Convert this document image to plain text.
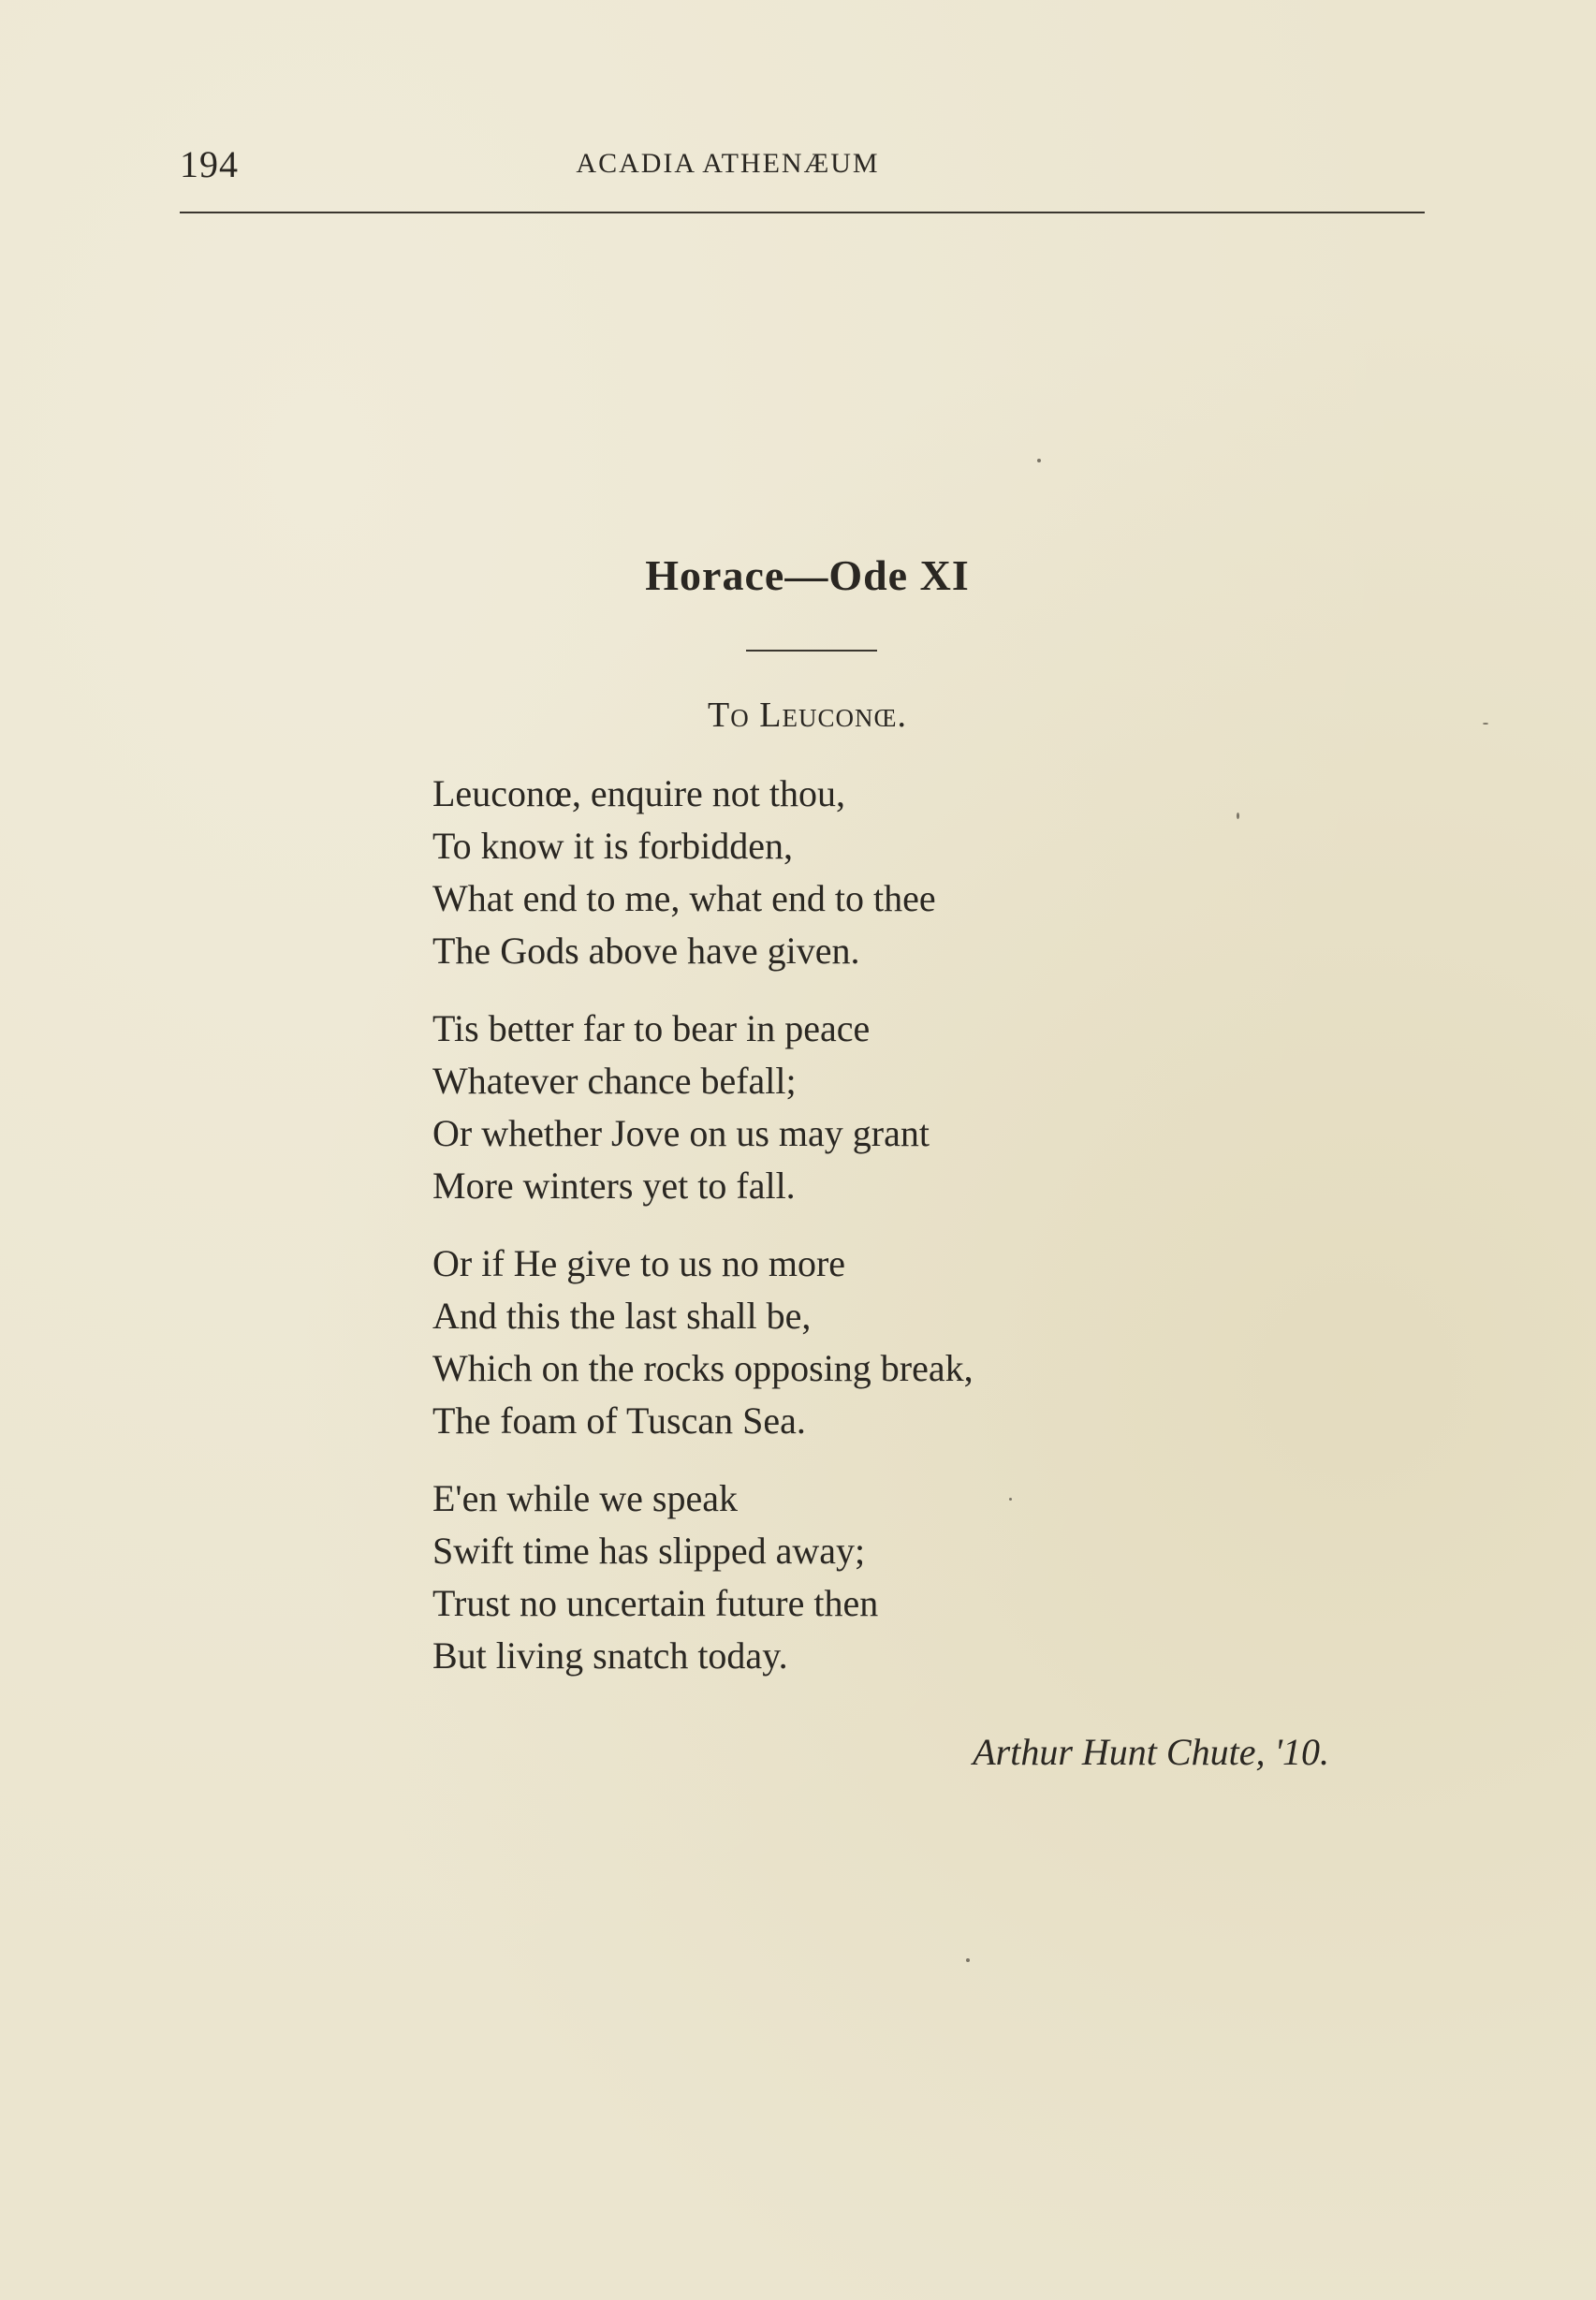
194	ACADIA ATHENÆUM
Horace—Ode XI
To Leuconœ.
Leuconœ, enquire not thou,
To know it is forbidden,
What end to me, what end to thee
The Gods above have given.
Tis better far to bear in peace
Whatever chance befall;
Or whether Jove on us may grant
More winters yet to fall.
Or if He give to us no more
And this the last shall be,
Which on the rocks opposing break,
The foam of Tuscan Sea.
E'en while we speak
Swift time has slipped away;
Trust no uncertain future then
But living snatch today.
Arthur Hunt Chute, '10.
